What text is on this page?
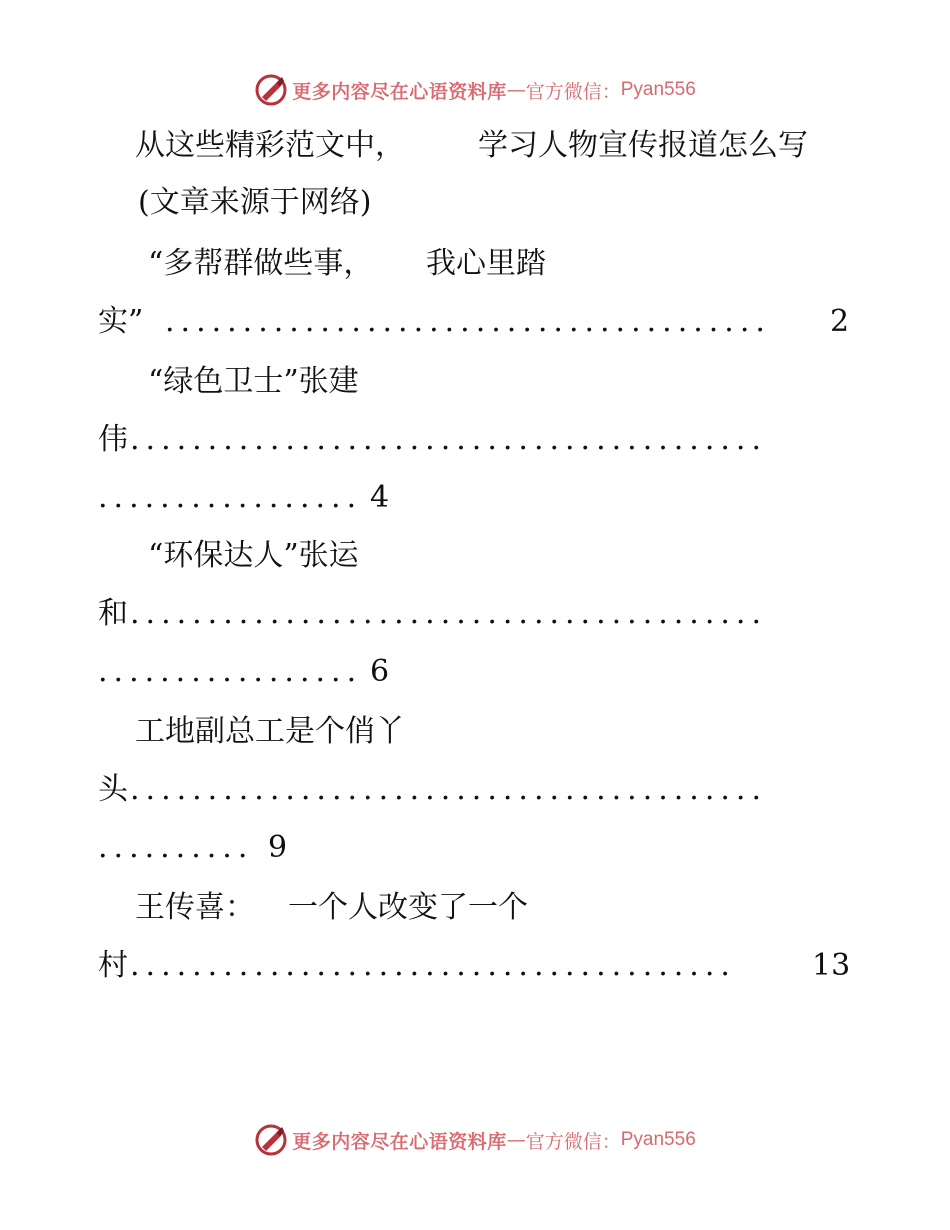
更多内容尽在心语资料库 — 官方微信： Pyan556
从这些精彩范文中， 学习人物宣传报道怎么写
(文章来源于网络)
“多帮群做些事， 我心里踏
实” ....................................... 2
“绿色卫士”张建
伟 .........................................
................. 4
“环保达人”张运
和 .........................................
................. 6
工地副总工是个俏丫
头 .........................................
.......... 9
王传喜： 一个人改变了一个
村 .......................................	13
更多内容尽在心语资料库 — 官方微信： Pyan556
